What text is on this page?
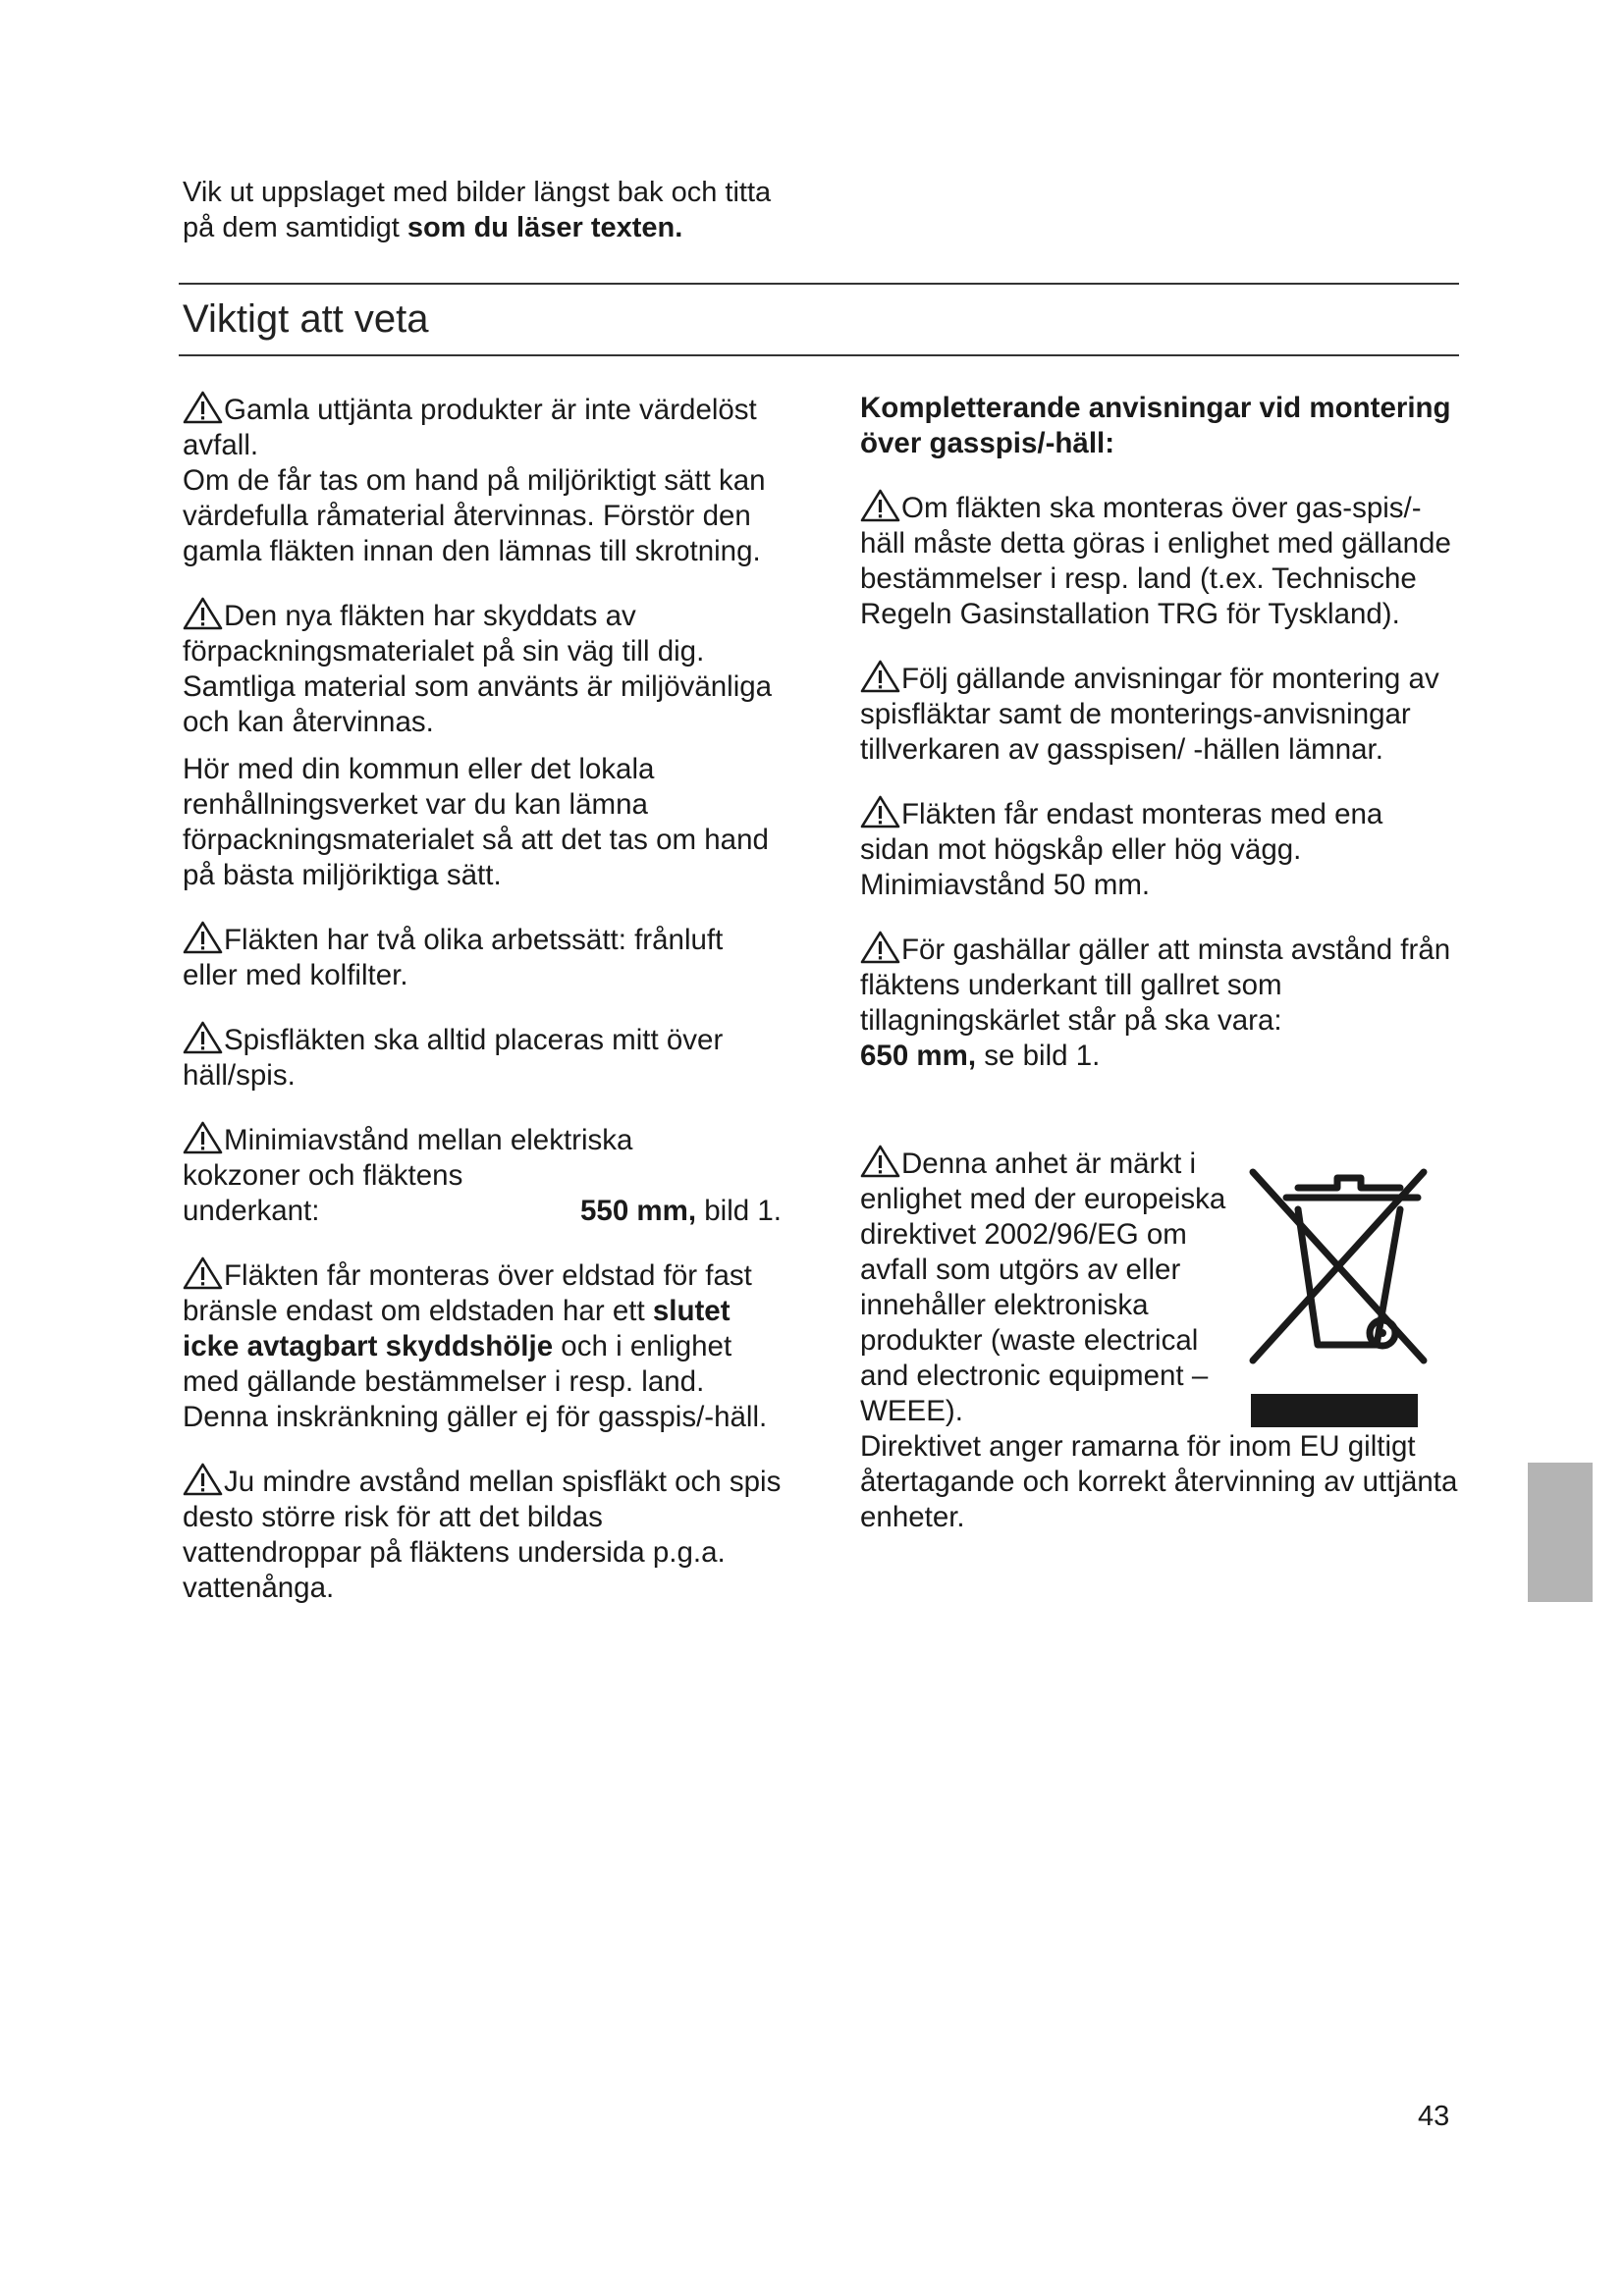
Vik ut uppslaget med bilder längst bak och titta
på dem samtidigt som du läser texten.
Viktigt att veta

Gamla uttjänta produkter är inte värdelöst avfall.

Om de får tas om hand på miljöriktigt sätt kan värdefulla råmaterial återvinnas. Förstör den gamla fläkten innan den lämnas till skrotning.

Den nya fläkten har skyddats av förpackningsmaterialet på sin väg till dig. Samtliga material som använts är miljövänliga och kan återvinnas.

Hör med din kommun eller det lokala renhållningsverket var du kan lämna förpackningsmaterialet så att det tas om hand på bästa miljöriktiga sätt.

Fläkten har två olika arbetssätt: frånluft eller med kolfilter.

Spisfläkten ska alltid placeras mitt över häll/spis.

Minimiavstånd mellan elektriska
kokzoner och fläktens
underkant:	550 mm, bild 1.

Fläkten får monteras över eldstad för fast bränsle endast om eldstaden har ett slutet icke avtagbart skyddshölje och i enlighet med gällande bestämmelser i resp. land. Denna inskränkning gäller ej för gasspis/-häll.

Ju mindre avstånd mellan spisfläkt och spis desto större risk för att det bildas vattendroppar på fläktens undersida p.g.a. vattenånga.

Kompletterande anvisningar vid montering över gasspis/-häll:

Om fläkten ska monteras över gas-spis/-häll måste detta göras i enlighet med gällande bestämmelser i resp. land (t.ex. Technische Regeln Gasinstallation TRG för Tyskland).

Följ gällande anvisningar för montering av spisfläktar samt de monterings-anvisningar tillverkaren av gasspisen/ -hällen lämnar.

Fläkten får endast monteras med ena sidan mot högskåp eller hög vägg. Minimiavstånd 50 mm.

För gashällar gäller att minsta avstånd från fläktens underkant till gallret som tillagningskärlet står på ska vara:
650 mm, se bild 1.

Denna anhet är märkt i enlighet med der europeiska direktivet 2002/96/EG om avfall som utgörs av eller innehåller elektroniska produkter (waste electrical and electronic equipment – WEEE).

Direktivet anger ramarna för inom EU giltigt återtagande och korrekt återvinning av uttjänta enheter.

43
